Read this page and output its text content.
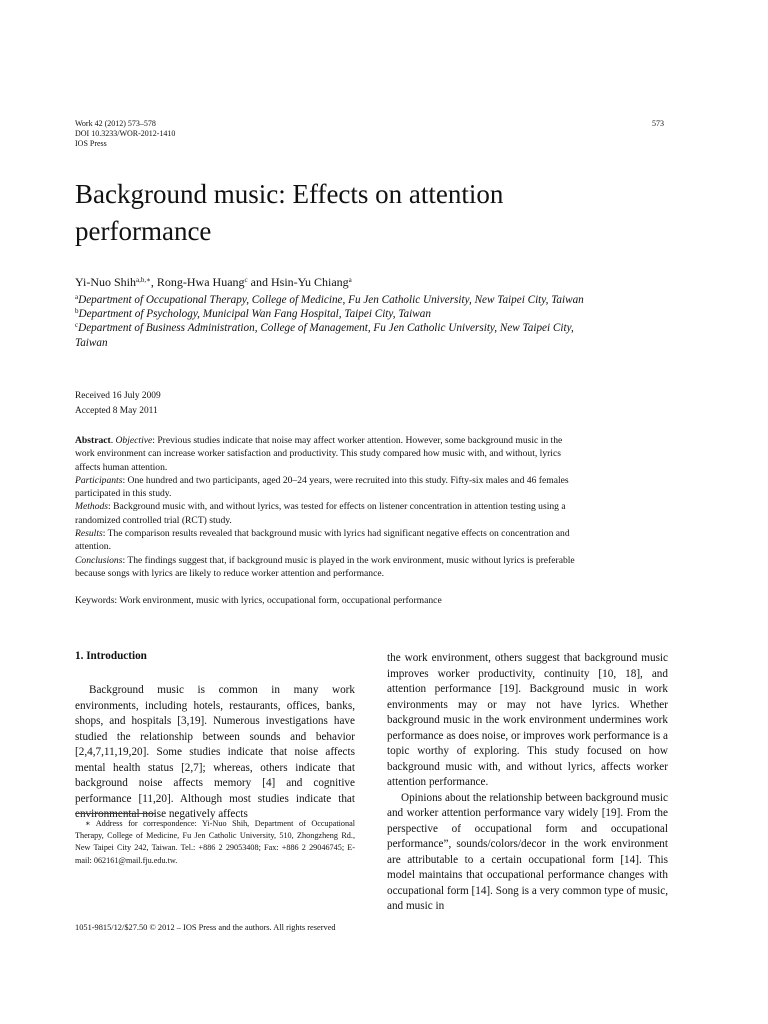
Work 42 (2012) 573–578
DOI 10.3233/WOR-2012-1410
IOS Press
573
Background music: Effects on attention
performance
Yi-Nuo Shih$^{a,b,∗}$, Rong-Hwa Huang$^c$ and Hsin-Yu Chiang$^a$
$^a$Department of Occupational Therapy, College of Medicine, Fu Jen Catholic University, New Taipei City, Taiwan
$^b$Department of Psychology, Municipal Wan Fang Hospital, Taipei City, Taiwan
$^c$Department of Business Administration, College of Management, Fu Jen Catholic University, New Taipei City,
Taiwan
Received 16 July 2009
Accepted 8 May 2011
Abstract. Objective: Previous studies indicate that noise may affect worker attention. However, some background music in the
work environment can increase worker satisfaction and productivity. This study compared how music with, and without, lyrics
affects human attention.
Participants: One hundred and two participants, aged 20–24 years, were recruited into this study. Fifty-six males and 46 females
participated in this study.
Methods: Background music with, and without lyrics, was tested for effects on listener concentration in attention testing using a
randomized controlled trial (RCT) study.
Results: The comparison results revealed that background music with lyrics had significant negative effects on concentration and
attention.
Conclusions: The findings suggest that, if background music is played in the work environment, music without lyrics is preferable
because songs with lyrics are likely to reduce worker attention and performance.
Keywords: Work environment, music with lyrics, occupational form, occupational performance
1. Introduction

Background music is common in many work environments, including hotels, restaurants, offices, banks, shops, and hospitals [3,19]. Numerous investigations have studied the relationship between sounds and behavior [2,4,7,11,19,20]. Some studies indicate that noise affects mental health status [2,7]; whereas, others indicate that background noise affects memory [4] and cognitive performance [11,20]. Although most studies indicate that environmental noise negatively affects

the work environment, others suggest that background music improves worker productivity, continuity [10, 18], and attention performance [19]. Background music in work environments may or may not have lyrics. Whether background music in the work environment undermines work performance as does noise, or improves work performance is a topic worthy of exploring. This study focused on how background music with, and without lyrics, affects worker attention performance.

Opinions about the relationship between background music and worker attention performance vary widely [19]. From the perspective of occupational form and occupational performance”, sounds/colors/decor in the work environment are attributable to a certain occupational form [14]. This model maintains that occupational performance changes with occupational form [14]. Song is a very common type of music, and music in

∗ Address for correspondence: Yi-Nuo Shih, Department of Occupational Therapy, College of Medicine, Fu Jen Catholic University, 510, Zhongzheng Rd., New Taipei City 242, Taiwan. Tel.: +886 2 29053408; Fax: +886 2 29046745; E-mail: 062161@mail.fju.edu.tw.
1051-9815/12/$27.50 © 2012 – IOS Press and the authors. All rights reserved
